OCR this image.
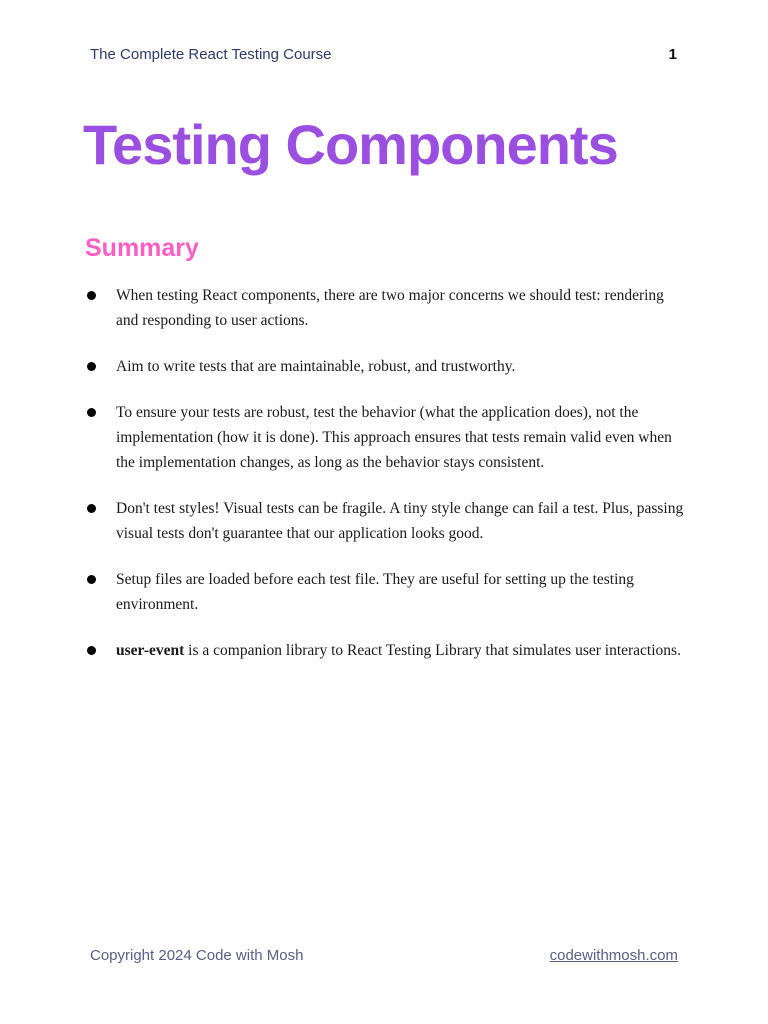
The Complete React Testing Course	1
Testing Components
Summary
When testing React components, there are two major concerns we should test: rendering and responding to user actions.
Aim to write tests that are maintainable, robust, and trustworthy.
To ensure your tests are robust, test the behavior (what the application does), not the implementation (how it is done). This approach ensures that tests remain valid even when the implementation changes, as long as the behavior stays consistent.
Don't test styles! Visual tests can be fragile. A tiny style change can fail a test. Plus, passing visual tests don't guarantee that our application looks good.
Setup files are loaded before each test file. They are useful for setting up the testing environment.
user-event is a companion library to React Testing Library that simulates user interactions.
Copyright 2024 Code with Mosh	codewithmosh.com
